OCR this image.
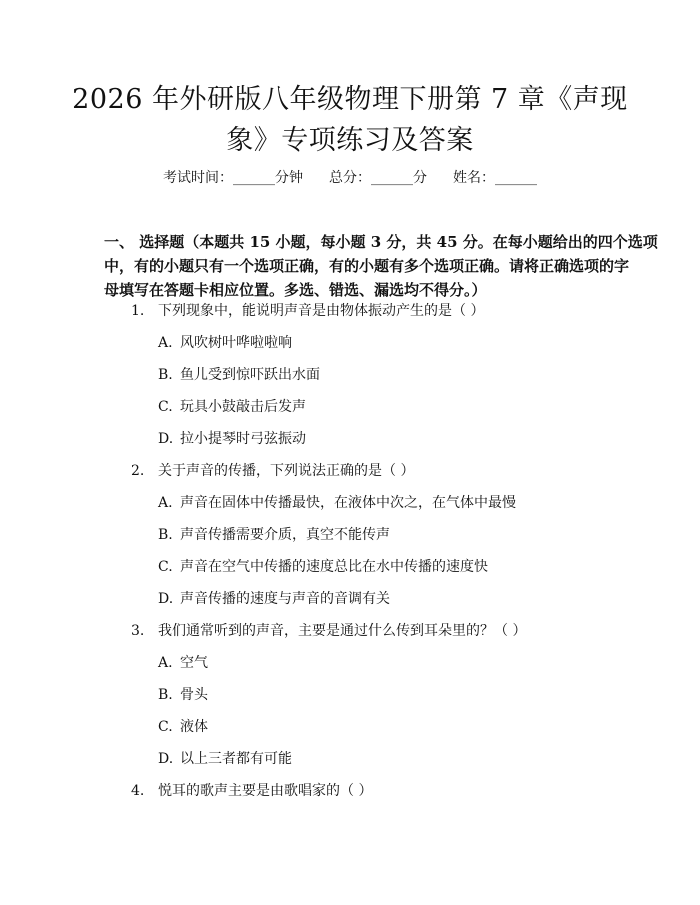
2026 年外研版八年级物理下册第 7 章《声现
象》专项练习及答案
考试时间：______分钟 总分：______分 姓名：______
一、 选择题（本题共 15 小题，每小题 3 分，共 45 分。在每小题给出的四个选项
中，有的小题只有一个选项正确，有的小题有多个选项正确。请将正确选项的字
母填写在答题卡相应位置。多选、错选、漏选均不得分。）
1. 下列现象中，能说明声音是由物体振动产生的是（ ）
A. 风吹树叶哗啦啦响
B. 鱼儿受到惊吓跃出水面
C. 玩具小鼓敲击后发声
D. 拉小提琴时弓弦振动
2. 关于声音的传播，下列说法正确的是（ ）
A. 声音在固体中传播最快，在液体中次之，在气体中最慢
B. 声音传播需要介质，真空不能传声
C. 声音在空气中传播的速度总比在水中传播的速度快
D. 声音传播的速度与声音的音调有关
3. 我们通常听到的声音，主要是通过什么传到耳朵里的？（ ）
A. 空气
B. 骨头
C. 液体
D. 以上三者都有可能
4. 悦耳的歌声主要是由歌唱家的（ ）
